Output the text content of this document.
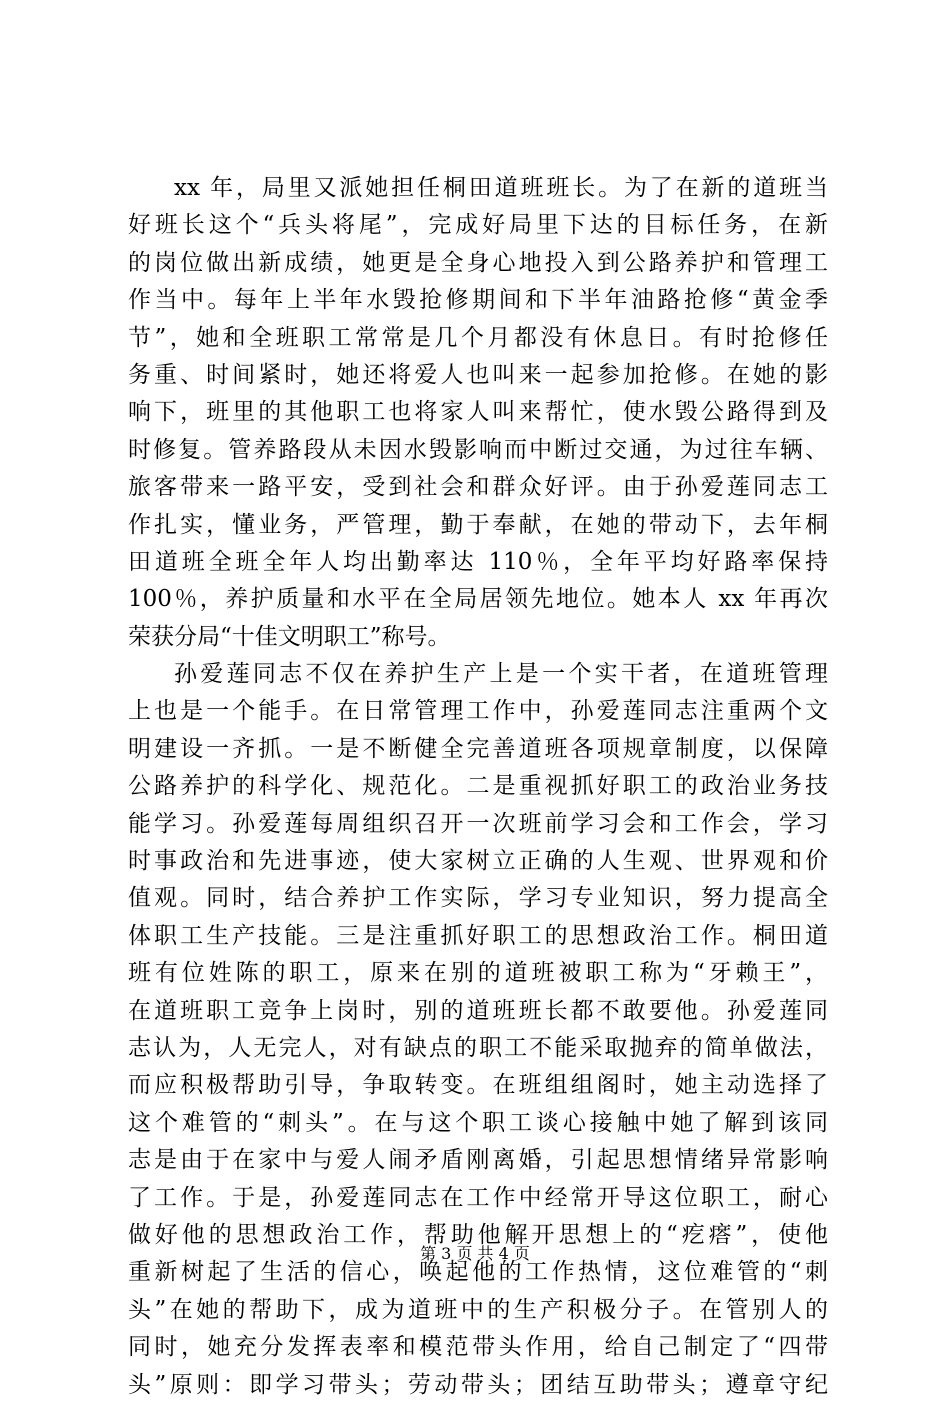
xx 年，局里又派她担任桐田道班班长。为了在新的道班当
好班长这个“兵头将尾”，完成好局里下达的目标任务，在新
的岗位做出新成绩，她更是全身心地投入到公路养护和管理工
作当中。每年上半年水毁抢修期间和下半年油路抢修“黄金季
节”，她和全班职工常常是几个月都没有休息日。有时抢修任
务重、时间紧时，她还将爱人也叫来一起参加抢修。在她的影
响下，班里的其他职工也将家人叫来帮忙，使水毁公路得到及
时修复。管养路段从未因水毁影响而中断过交通，为过往车辆、
旅客带来一路平安，受到社会和群众好评。由于孙爱莲同志工
作扎实，懂业务，严管理，勤于奉献，在她的带动下，去年桐
田道班全班全年人均出勤率达 110％，全年平均好路率保持
100％，养护质量和水平在全局居领先地位。她本人 xx 年再次
荣获分局“十佳文明职工”称号。
孙爱莲同志不仅在养护生产上是一个实干者，在道班管理
上也是一个能手。在日常管理工作中，孙爱莲同志注重两个文
明建设一齐抓。一是不断健全完善道班各项规章制度，以保障
公路养护的科学化、规范化。二是重视抓好职工的政治业务技
能学习。孙爱莲每周组织召开一次班前学习会和工作会，学习
时事政治和先进事迹，使大家树立正确的人生观、世界观和价
值观。同时，结合养护工作实际，学习专业知识，努力提高全
体职工生产技能。三是注重抓好职工的思想政治工作。桐田道
班有位姓陈的职工，原来在别的道班被职工称为“牙赖王”，
在道班职工竞争上岗时，别的道班班长都不敢要他。孙爱莲同
志认为，人无完人，对有缺点的职工不能采取抛弃的简单做法，
而应积极帮助引导，争取转变。在班组组阁时，她主动选择了
这个难管的“刺头”。在与这个职工谈心接触中她了解到该同
志是由于在家中与爱人闹矛盾刚离婚，引起思想情绪异常影响
了工作。于是，孙爱莲同志在工作中经常开导这位职工，耐心
做好他的思想政治工作，帮助他解开思想上的“疙瘩”，使他
重新树起了生活的信心，唤起他的工作热情，这位难管的“刺
头”在她的帮助下，成为道班中的生产积极分子。在管别人的
同时，她充分发挥表率和模范带头作用，给自己制定了“四带
头”原则：即学习带头；劳动带头；团结互助带头；遵章守纪
第 3 页 共 4 页
